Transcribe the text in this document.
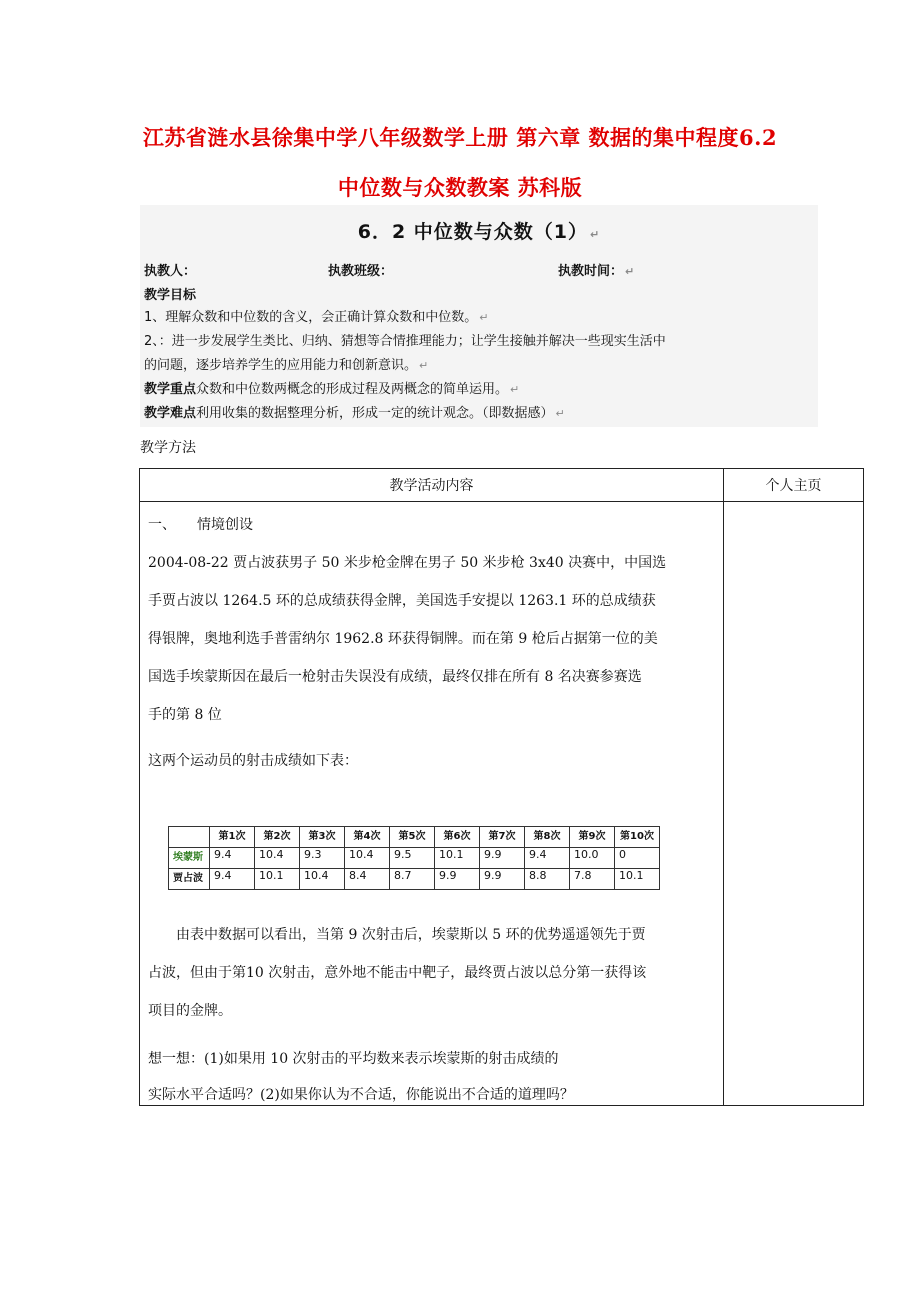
江苏省涟水县徐集中学八年级数学上册 第六章 数据的集中程度6.2
中位数与众数教案 苏科版
6．2 中位数与众数（1） ↵
执教人：	执教班级：	执教时间： ↵
教学目标
1、理解众数和中位数的含义，会正确计算众数和中位数。 ↵
2、：进一步发展学生类比、归纳、猜想等合情推理能力；让学生接触并解决一些现实生活中
的问题，逐步培养学生的应用能力和创新意识。 ↵
教学重点众数和中位数两概念的形成过程及两概念的简单运用。 ↵
教学难点利用收集的数据整理分析，形成一定的统计观念。（即数据感） ↵
教学方法
教学活动内容	个人主页

一、　　情境创设
2004-08-22 贾占波获男子 50 米步枪金牌在男子 50 米步枪 3x40 决赛中，中国选
手贾占波以 1264.5 环的总成绩获得金牌，美国选手安提以 1263.1 环的总成绩获
得银牌，奥地利选手普雷纳尔 1962.8 环获得铜牌。而在第 9 枪后占据第一位的美
国选手埃蒙斯因在最后一枪射击失误没有成绩，最终仅排在所有 8 名决赛参赛选
手的第 8 位
这两个运动员的射击成绩如下表：
	第1次	第2次	第3次	第4次	第5次	第6次	第7次	第8次	第9次	第10次
埃蒙斯	9.4	10.4	9.3	10.4	9.5	10.1	9.9	9.4	10.0	0
贾占波	9.4	10.1	10.4	8.4	8.7	9.9	9.9	8.8	7.8	10.1
　　由表中数据可以看出，当第 9 次射击后，埃蒙斯以 5 环的优势遥遥领先于贾
占波，但由于第10 次射击，意外地不能击中靶子，最终贾占波以总分第一获得该
项目的金牌。
想一想：(1)如果用 10 次射击的平均数来表示埃蒙斯的射击成绩的
实际水平合适吗？(2)如果你认为不合适，你能说出不合适的道理吗？
